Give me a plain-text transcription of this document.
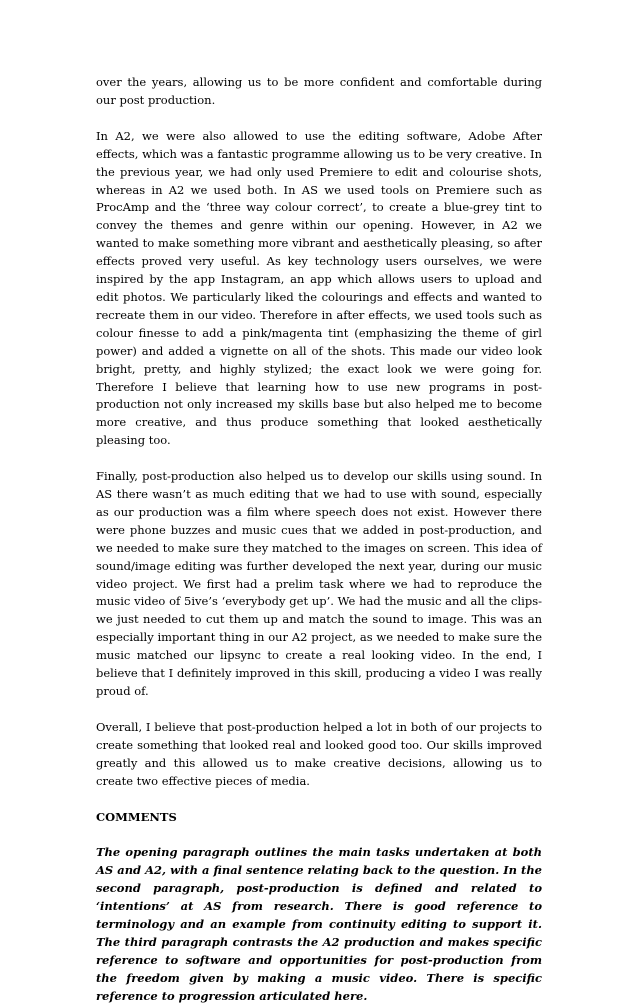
over the years, allowing us to be more confident and comfortable during our post production.

In A2, we were also allowed to use the editing software, Adobe After effects, which was a fantastic programme allowing us to be very creative. In the previous year, we had only used Premiere to edit and colourise shots, whereas in A2 we used both. In AS we used tools on Premiere such as ProcAmp and the ‘three way colour correct’, to create a blue-grey tint to convey the themes and genre within our opening. However, in A2 we wanted to make something more vibrant and aesthetically pleasing, so after effects proved very useful. As key technology users ourselves, we were inspired by the app Instagram, an app which allows users to upload and edit photos. We particularly liked the colourings and effects and wanted to recreate them in our video. Therefore in after effects, we used tools such as colour finesse to add a pink/magenta tint (emphasizing the theme of girl power) and added a vignette on all of the shots. This made our video look bright, pretty, and highly stylized; the exact look we were going for. Therefore I believe that learning how to use new programs in post-production not only increased my skills base but also helped me to become more creative, and thus produce something that looked aesthetically pleasing too.

Finally, post-production also helped us to develop our skills using sound. In AS there wasn’t as much editing that we had to use with sound, especially as our production was a film where speech does not exist. However there were phone buzzes and music cues that we added in post-production, and we needed to make sure they matched to the images on screen. This idea of sound/image editing was further developed the next year, during our music video project. We first had a prelim task where we had to reproduce the music video of 5ive’s ‘everybody get up’. We had the music and all the clips- we just needed to cut them up and match the sound to image. This was an especially important thing in our A2 project, as we needed to make sure the music matched our lipsync to create a real looking video. In the end, I believe that I definitely improved in this skill, producing a video I was really proud of.

Overall, I believe that post-production helped a lot in both of our projects to create something that looked real and looked good too. Our skills improved greatly and this allowed us to make creative decisions, allowing us to create two effective pieces of media.

COMMENTS

The opening paragraph outlines the main tasks undertaken at both AS and A2, with a final sentence relating back to the question. In the second paragraph, post-production is defined and related to ‘intentions’ at AS from research. There is good reference to terminology and an example from continuity editing to support it. The third paragraph contrasts the A2 production and makes specific reference to software and opportunities for post-production from the freedom given by making a music video. There is specific reference to progression articulated here.
